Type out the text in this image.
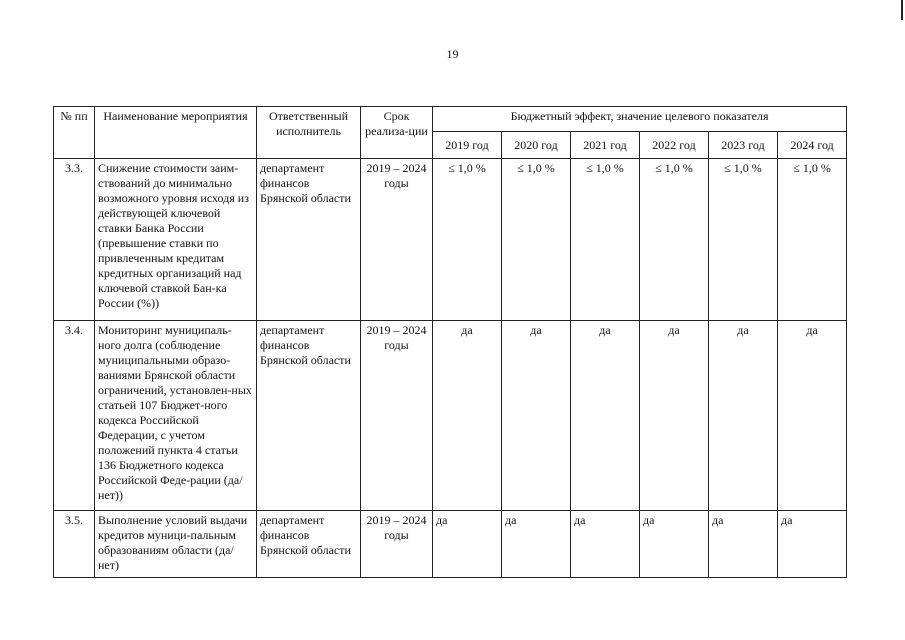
19
№ пп	Наименование мероприятия	Ответственный исполнитель	Срок реализа-ции	Бюджетный эффект, значение целевого показателя					
				2019 год	2020 год	2021 год	2022 год	2023 год	2024 год
3.3.	Снижение стоимости заим-ствований до минимально возможного уровня исходя из действующей ключевой ставки Банка России (превышение ставки по привлеченным кредитам кредитных организаций над ключевой ставкой Бан-ка России (%))	департамент финансов Брянской области	2019 – 2024 годы	≤ 1,0 %	≤ 1,0 %	≤ 1,0 %	≤ 1,0 %	≤ 1,0 %	≤ 1,0 %
3.4.	Мониторинг муниципаль-ного долга (соблюдение муниципальными образо-ваниями Брянской области ограничений, установлен-ных статьей 107 Бюджет-ного кодекса Российской Федерации, с учетом положений пункта 4 статьи 136 Бюджетного кодекса Российской Феде-рации (да/нет))	департамент финансов Брянской области	2019 – 2024 годы	да	да	да	да	да	да
3.5.	Выполнение условий выдачи кредитов муници-пальным образованиям области (да/нет)	департамент финансов Брянской области	2019 – 2024 годы	да	да	да	да	да	да
